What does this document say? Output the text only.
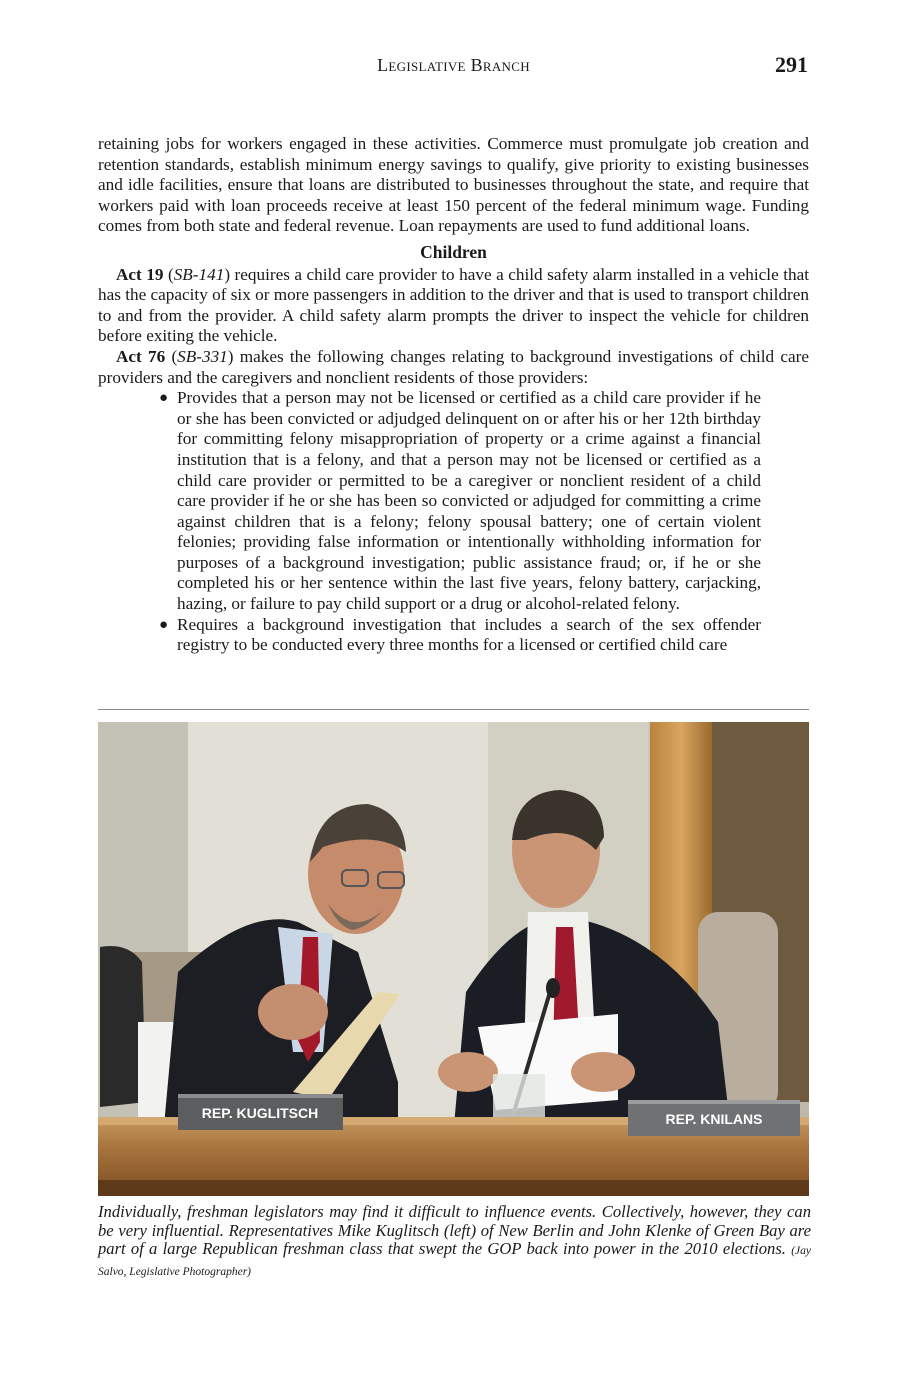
Legislative Branch	291

retaining jobs for workers engaged in these activities. Commerce must promulgate job creation and retention standards, establish minimum energy savings to qualify, give priority to existing businesses and idle facilities, ensure that loans are distributed to businesses throughout the state, and require that workers paid with loan proceeds receive at least 150 percent of the federal minimum wage. Funding comes from both state and federal revenue. Loan repayments are used to fund additional loans.

Children

Act 19 (SB-141) requires a child care provider to have a child safety alarm installed in a vehicle that has the capacity of six or more passengers in addition to the driver and that is used to transport children to and from the provider. A child safety alarm prompts the driver to inspect the vehicle for children before exiting the vehicle.

Act 76 (SB-331) makes the following changes relating to background investigations of child care providers and the caregivers and nonclient residents of those providers:

● Provides that a person may not be licensed or certified as a child care provider if he or she has been convicted or adjudged delinquent on or after his or her 12th birthday for committing felony misappropriation of property or a crime against a financial institution that is a felony, and that a person may not be licensed or certified as a child care provider or permitted to be a caregiver or nonclient resident of a child care provider if he or she has been so convicted or adjudged for committing a crime against children that is a felony; felony spousal battery; one of certain violent felonies; providing false information or intentionally withholding information for purposes of a background investigation; public assistance fraud; or, if he or she completed his or her sentence within the last five years, felony battery, carjacking, hazing, or failure to pay child support or a drug or alcohol-related felony.
● Requires a background investigation that includes a search of the sex offender registry to be conducted every three months for a licensed or certified child care
REP. KUGLITSCH	REP. KNILANS
Individually, freshman legislators may find it difficult to influence events. Collectively, however, they can be very influential. Representatives Mike Kuglitsch (left) of New Berlin and John Klenke of Green Bay are part of a large Republican freshman class that swept the GOP back into power in the 2010 elections. (Jay Salvo, Legislative Photographer)
